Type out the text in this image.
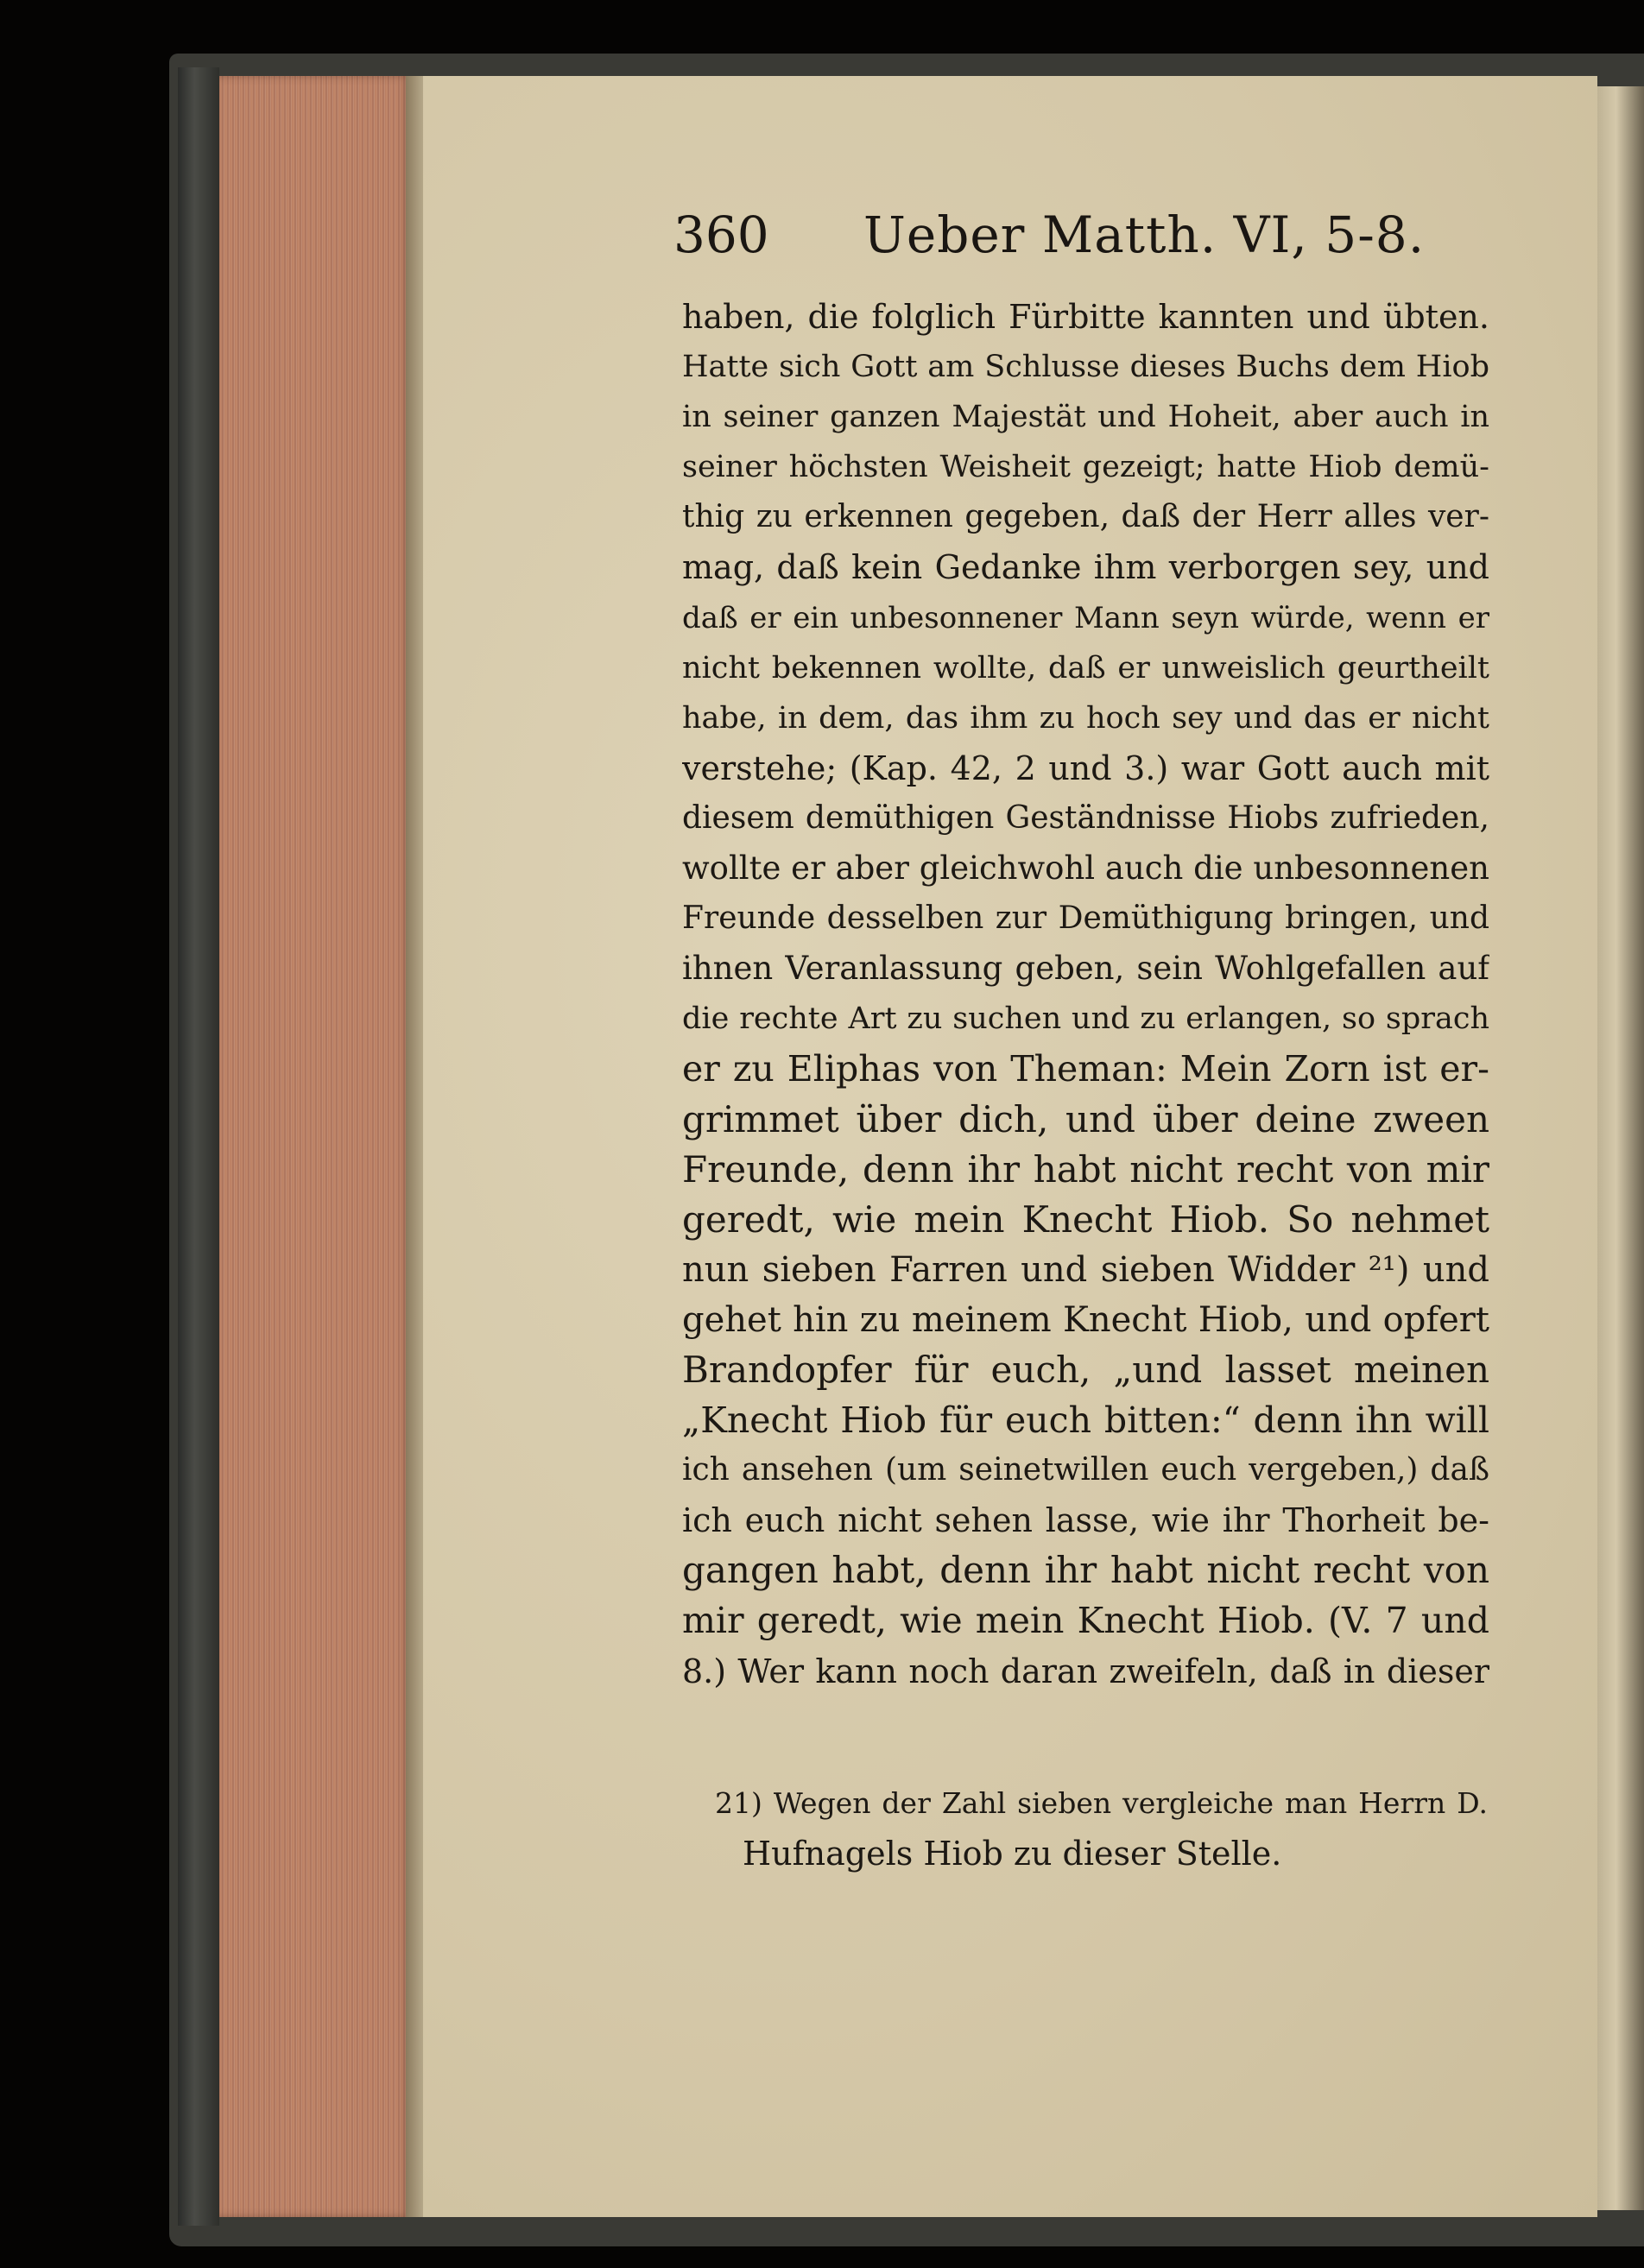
360 Ueber Matth. VI, 5-8.
haben, die folglich Fürbitte kannten und übten.
Hatte sich Gott am Schlusse dieses Buchs dem Hiob
in seiner ganzen Majestät und Hoheit, aber auch in
seiner höchsten Weisheit gezeigt; hatte Hiob demü-
thig zu erkennen gegeben, daß der Herr alles ver-
mag, daß kein Gedanke ihm verborgen sey, und
daß er ein unbesonnener Mann seyn würde, wenn er
nicht bekennen wollte, daß er unweislich geurtheilt
habe, in dem, das ihm zu hoch sey und das er nicht
verstehe; (Kap. 42, 2 und 3.) war Gott auch mit
diesem demüthigen Geständnisse Hiobs zufrieden,
wollte er aber gleichwohl auch die unbesonnenen
Freunde desselben zur Demüthigung bringen, und
ihnen Veranlassung geben, sein Wohlgefallen auf
die rechte Art zu suchen und zu erlangen, so sprach
er zu Eliphas von Theman: Mein Zorn ist er-
grimmet über dich, und über deine zween
Freunde, denn ihr habt nicht recht von mir
geredt, wie mein Knecht Hiob. So nehmet
nun sieben Farren und sieben Widder ²¹) und
gehet hin zu meinem Knecht Hiob, und opfert
Brandopfer für euch, „und lasset meinen
„Knecht Hiob für euch bitten:“ denn ihn will
ich ansehen (um seinetwillen euch vergeben,) daß
ich euch nicht sehen lasse, wie ihr Thorheit be-
gangen habt, denn ihr habt nicht recht von
mir geredt, wie mein Knecht Hiob. (V. 7 und
8.) Wer kann noch daran zweifeln, daß in dieser
21) Wegen der Zahl sieben vergleiche man Herrn D.
Hufnagels Hiob zu dieser Stelle.
